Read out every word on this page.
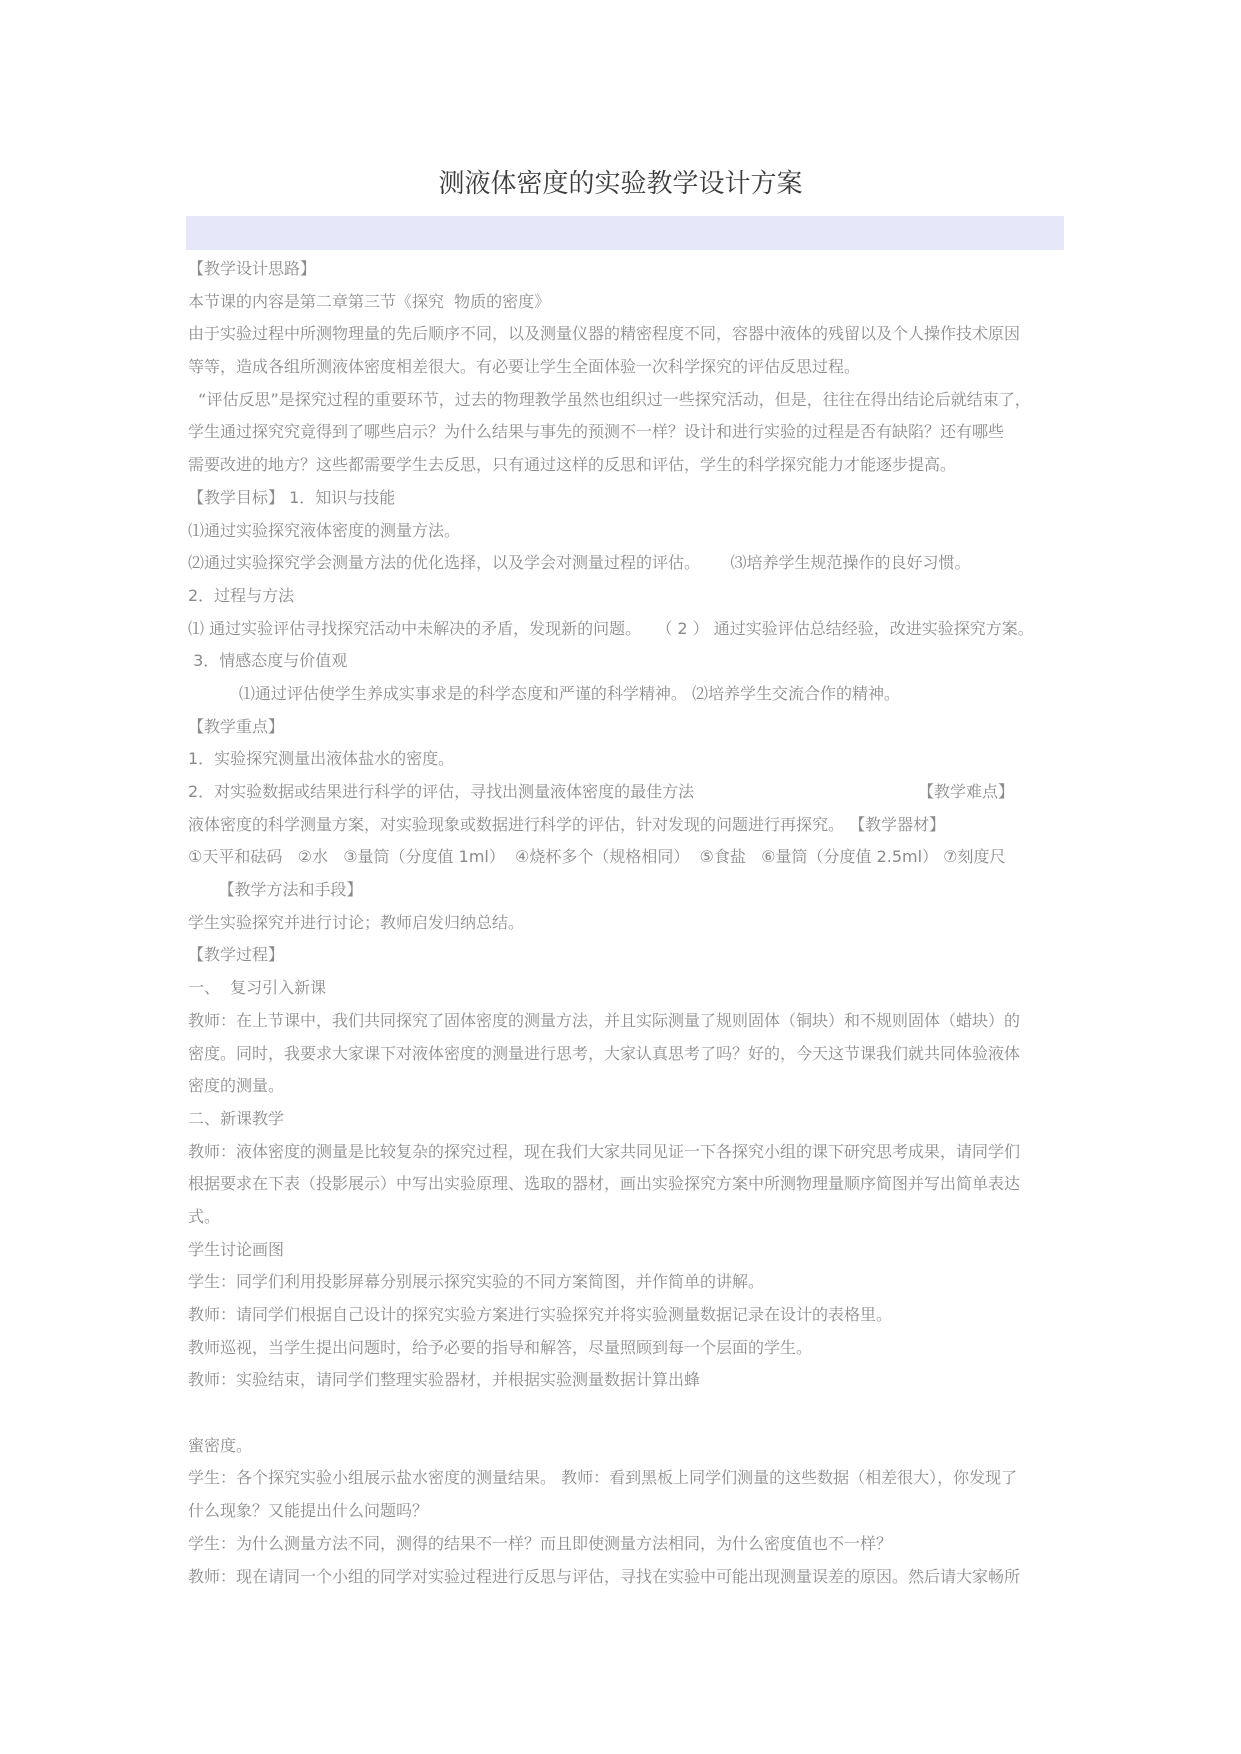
测液体密度的实验教学设计方案
【教学设计思路】
本节课的内容是第二章第三节《探究  物质的密度》
由于实验过程中所测物理量的先后顺序不同，以及测量仪器的精密程度不同，容器中液体的残留以及个人操作技术原因
等等，造成各组所测液体密度相差很大。有必要让学生全面体验一次科学探究的评估反思过程。
“评估反思”是探究过程的重要环节，过去的物理教学虽然也组织过一些探究活动，但是，往往在得出结论后就结束了，
学生通过探究究竟得到了哪些启示？为什么结果与事先的预测不一样？设计和进行实验的过程是否有缺陷？还有哪些
需要改进的地方？这些都需要学生去反思，只有通过这样的反思和评估，学生的科学探究能力才能逐步提高。
【教学目标】 1．知识与技能
⑴通过实验探究液体密度的测量方法。
⑵通过实验探究学会测量方法的优化选择，以及学会对测量过程的评估。      ⑶培养学生规范操作的良好习惯。
2．过程与方法
⑴ 通过实验评估寻找探究活动中未解决的矛盾，发现新的问题。   （ 2 ） 通过实验评估总结经验，改进实验探究方案。
3．情感态度与价值观
⑴通过评估使学生养成实事求是的科学态度和严谨的科学精神。 ⑵培养学生交流合作的精神。
【教学重点】
1．实验探究测量出液体盐水的密度。
2．对实验数据或结果进行科学的评估，寻找出测量液体密度的最佳方法                                            【教学难点】
液体密度的科学测量方案，对实验现象或数据进行科学的评估，针对发现的问题进行再探究。 【教学器材】
①天平和砝码   ②水   ③量筒（分度值 1ml）  ④烧杯多个（规格相同）  ⑤食盐   ⑥量筒（分度值 2.5ml） ⑦刻度尺
【教学方法和手段】
学生实验探究并进行讨论；教师启发归纳总结。
【教学过程】
一、  复习引入新课
教师：在上节课中，我们共同探究了固体密度的测量方法，并且实际测量了规则固体（铜块）和不规则固体（蜡块）的
密度。同时，我要求大家课下对液体密度的测量进行思考，大家认真思考了吗？好的，今天这节课我们就共同体验液体
密度的测量。
二、新课教学
教师：液体密度的测量是比较复杂的探究过程，现在我们大家共同见证一下各探究小组的课下研究思考成果，请同学们
根据要求在下表（投影展示）中写出实验原理、选取的器材，画出实验探究方案中所测物理量顺序简图并写出简单表达
式。
学生讨论画图
学生：同学们利用投影屏幕分别展示探究实验的不同方案简图，并作简单的讲解。
教师：请同学们根据自己设计的探究实验方案进行实验探究并将实验测量数据记录在设计的表格里。
教师巡视，当学生提出问题时，给予必要的指导和解答，尽量照顾到每一个层面的学生。
教师：实验结束，请同学们整理实验器材，并根据实验测量数据计算出蜂
蜜密度。
学生：各个探究实验小组展示盐水密度的测量结果。 教师：看到黑板上同学们测量的这些数据（相差很大），你发现了
什么现象？又能提出什么问题吗？
学生：为什么测量方法不同，测得的结果不一样？而且即使测量方法相同，为什么密度值也不一样？
教师：现在请同一个小组的同学对实验过程进行反思与评估，寻找在实验中可能出现测量误差的原因。然后请大家畅所
